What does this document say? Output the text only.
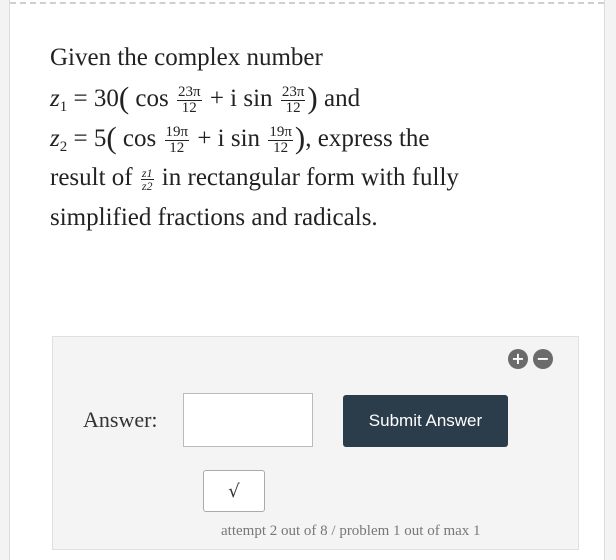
Given the complex number
$z_1 = 30$( $\cos \frac{23\pi}{12} + i$ $\sin \frac{23\pi}{12}$ ) and
$z_2 = 5$( $\cos \frac{19\pi}{12} + i$ $\sin \frac{19\pi}{12}$ ), express the
result of $\frac{z1}{z2}$ in rectangular form with fully
simplified fractions and radicals.
+ −
Answer:	Submit Answer
√
attempt 2 out of 8 / problem 1 out of max 1
